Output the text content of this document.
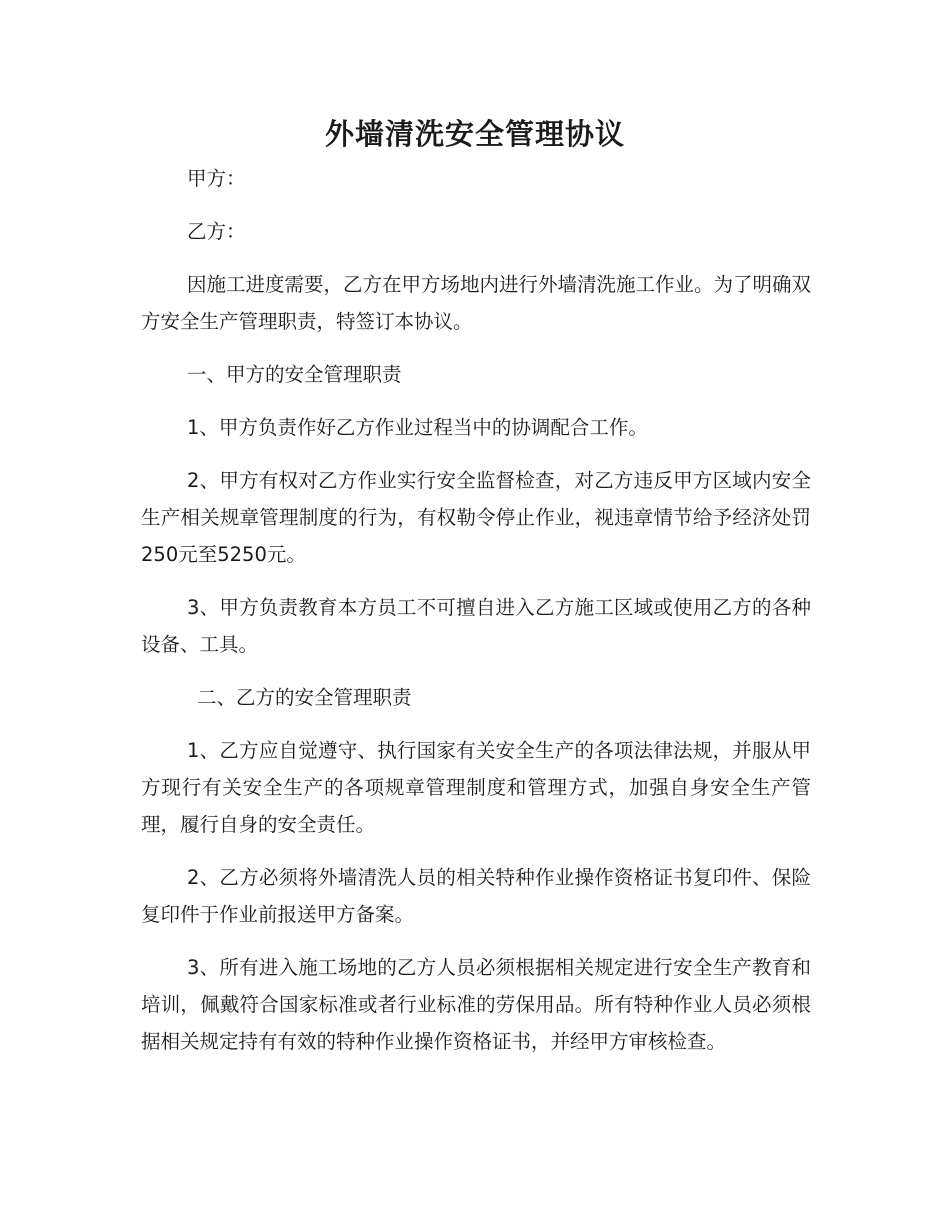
外墙清洗安全管理协议

甲方：

乙方：

因施工进度需要，乙方在甲方场地内进行外墙清洗施工作业。为了明确双方安全生产管理职责，特签订本协议。

一、甲方的安全管理职责

1、甲方负责作好乙方作业过程当中的协调配合工作。

2、甲方有权对乙方作业实行安全监督检查，对乙方违反甲方区域内安全生产相关规章管理制度的行为，有权勒令停止作业，视违章情节给予经济处罚250元至5250元。

3、甲方负责教育本方员工不可擅自进入乙方施工区域或使用乙方的各种设备、工具。

二、乙方的安全管理职责

1、乙方应自觉遵守、执行国家有关安全生产的各项法律法规，并服从甲方现行有关安全生产的各项规章管理制度和管理方式，加强自身安全生产管理，履行自身的安全责任。

2、乙方必须将外墙清洗人员的相关特种作业操作资格证书复印件、保险复印件于作业前报送甲方备案。

3、所有进入施工场地的乙方人员必须根据相关规定进行安全生产教育和培训，佩戴符合国家标准或者行业标准的劳保用品。所有特种作业人员必须根据相关规定持有有效的特种作业操作资格证书，并经甲方审核检查。
